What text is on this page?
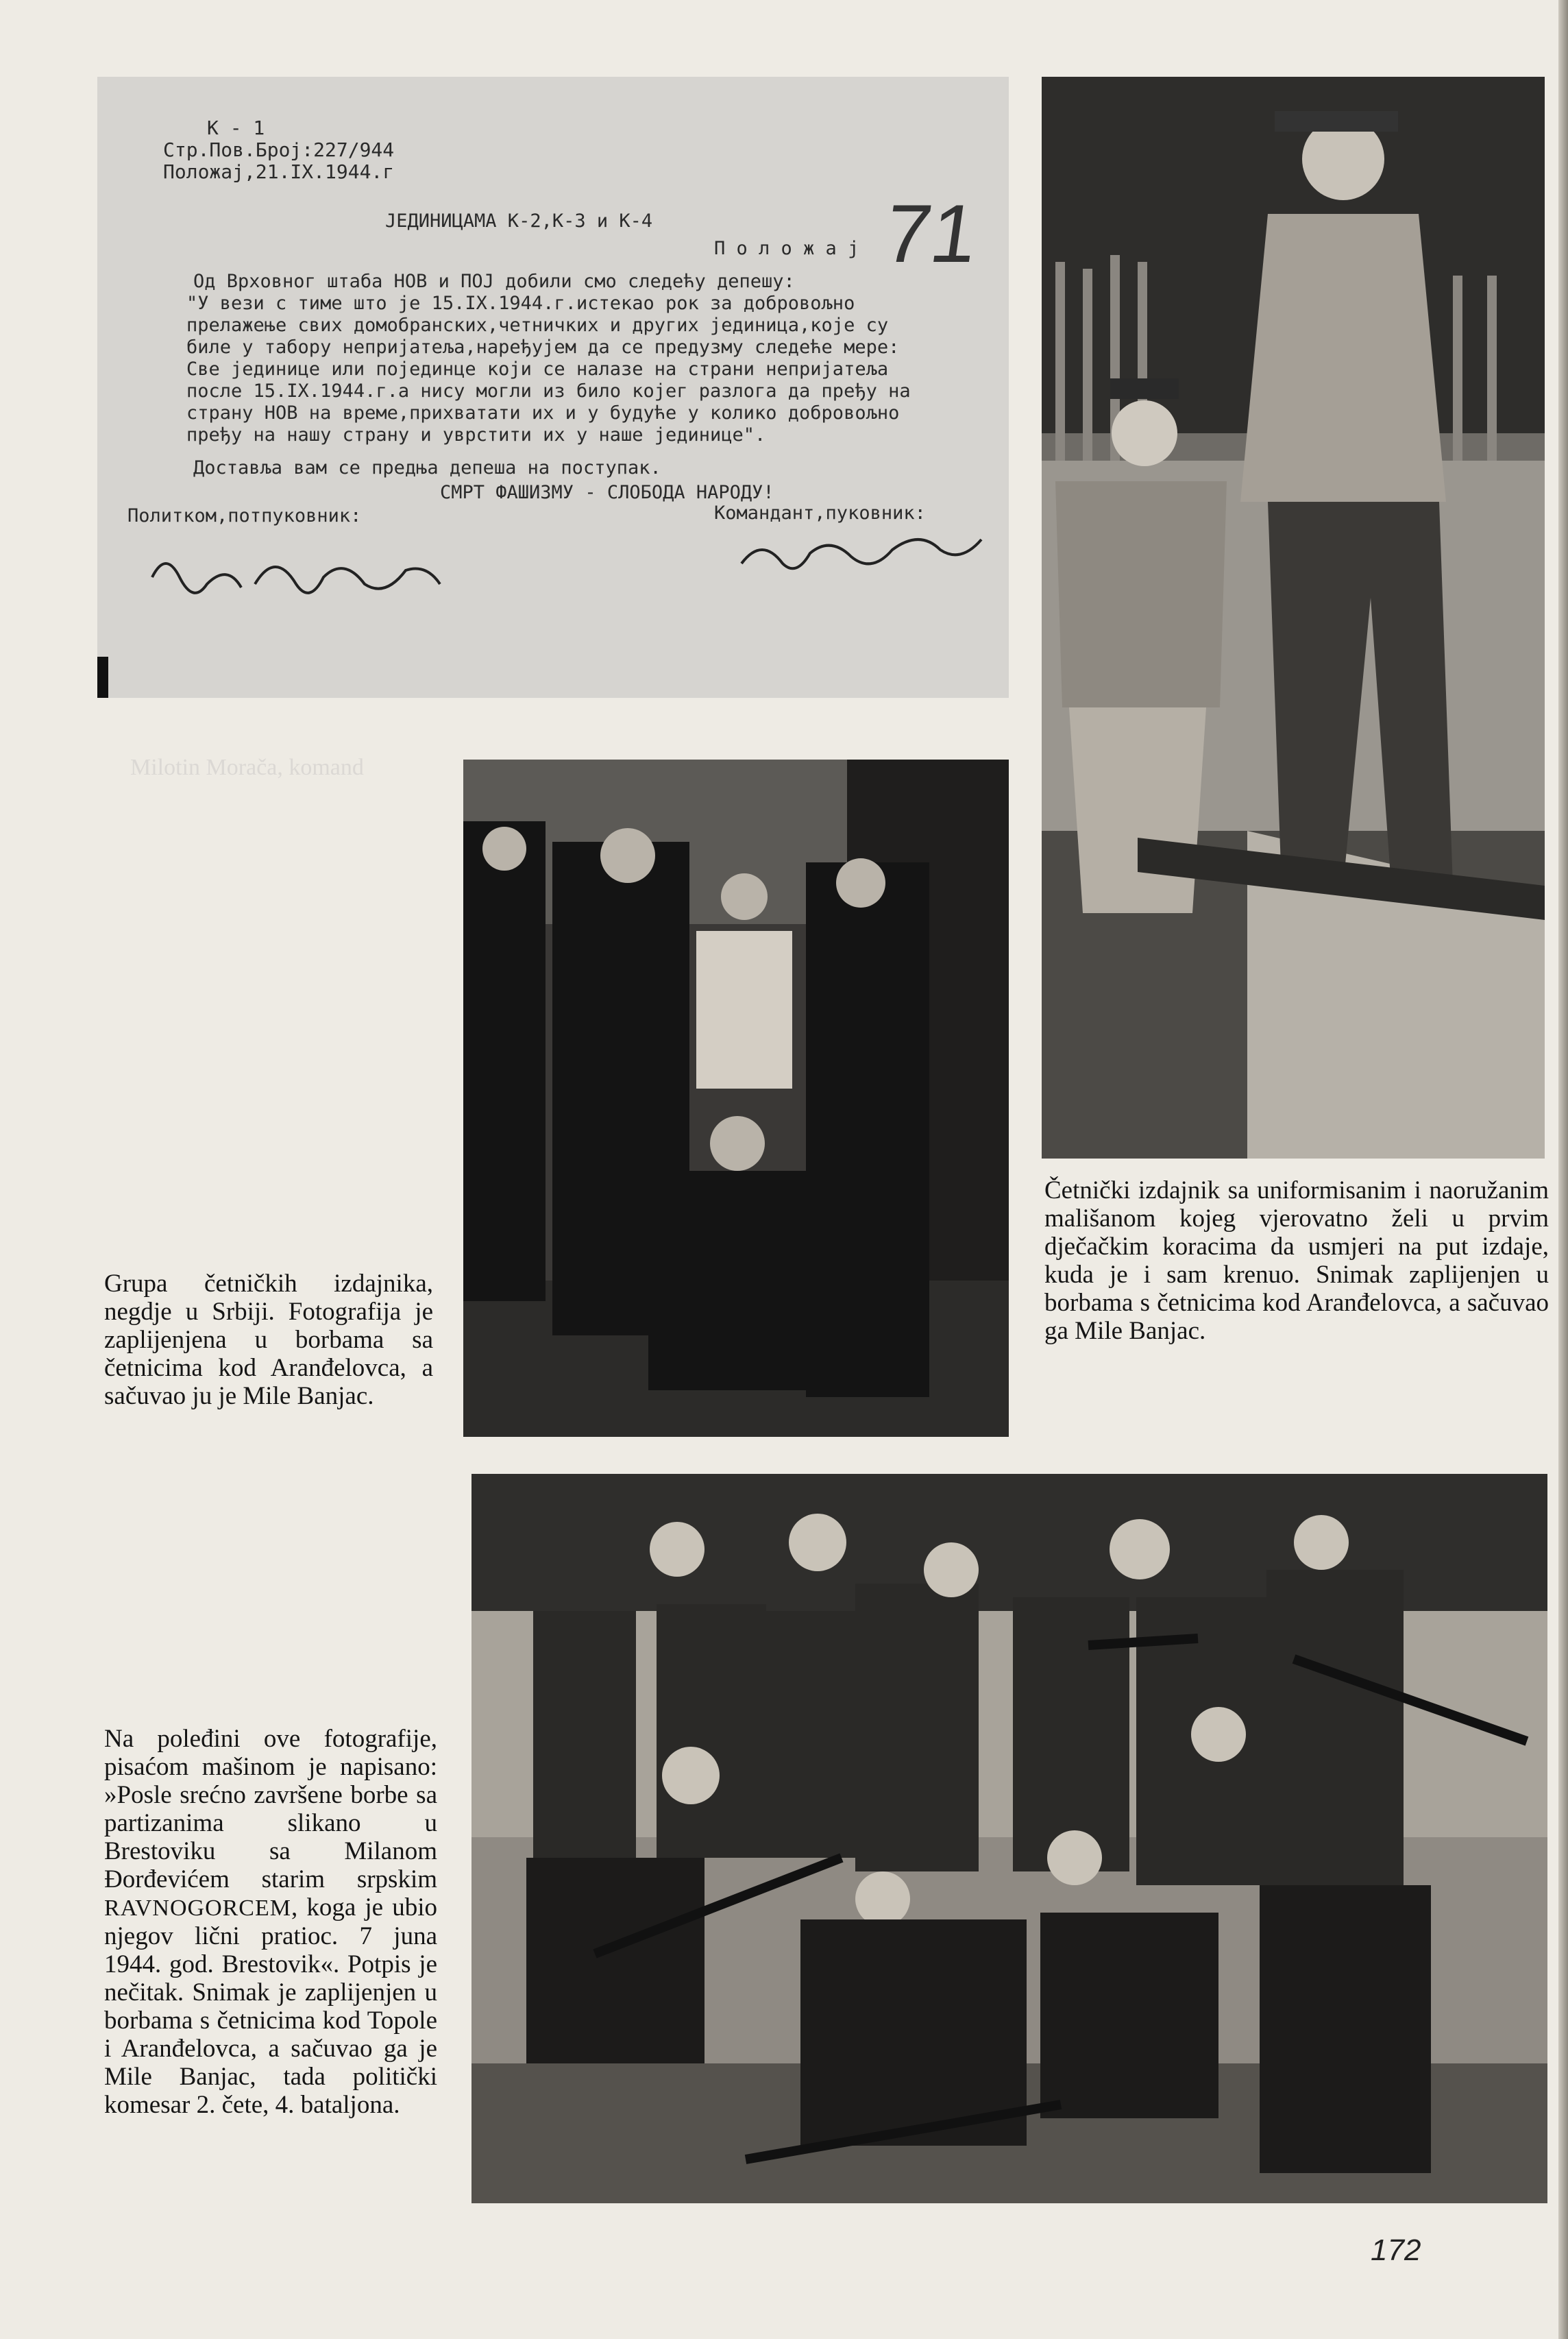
К - 1
Стр.Пов.Број:227/944
Положај,21.IX.1944.г
ЈЕДИНИЦАМА К-2,К-3 и К-4
П о л о ж а ј 71
Од Врховног штаба НОВ и ПОЈ добили смо следећу депешу:
"У вези с тиме што је 15.IX.1944.г.истекао рок за добровољно
прелажење свих домобранских,четничких и других јединица,које су
биле у табору непријатеља,наређујем да се предузму следеће мере:
Све јединице или појединце који се налазе на страни непријатеља
после 15.IX.1944.г.а нису могли из било којег разлога да пређу на
страну НОВ на време,прихватати их и у будуће у колико добровољно
пређу на нашу страну и уврстити их у наше јединице".
Доставља вам се предња депеша на поступак.
СМРТ ФАШИЗМУ - СЛОБОДА НАРОДУ!
Политком,потпуковник:	Командант,пуковник:
Milotin Morača, komand

Grupa četničkih izdajnika, negdje u Srbiji. Fotografija je zaplijenjena u borbama sa četnicima kod Aranđelovca, a sačuvao ju je Mile Banjac.

Četnički izdajnik sa uniformisanim i naoružanim mališanom kojeg vjerovatno želi u prvim dječačkim koracima da usmjeri na put izdaje, kuda je i sam krenuo. Snimak zaplijenjen u borbama s četnicima kod Aranđelovca, a sačuvao ga Mile Banjac.

Na poleđini ove fotografije, pisaćom mašinom je napisano: »Posle srećno završene borbe sa partizanima slikano u Brestoviku sa Milanom Đorđevićem starim srpskim RAVNOGORCEM, koga je ubio njegov lični pratioc. 7 juna 1944. god. Brestovik«. Potpis je nečitak. Snimak je zaplijenjen u borbama s četnicima kod Topole i Aranđelovca, a sačuvao ga je Mile Banjac, tada politički komesar 2. čete, 4. bataljona.

172
